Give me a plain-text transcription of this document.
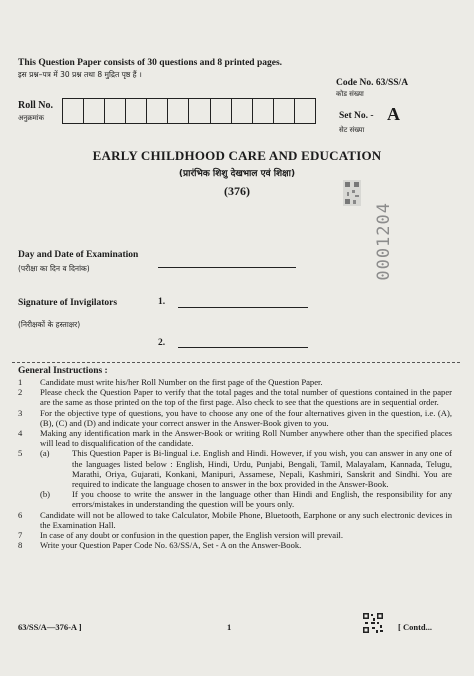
This Question Paper consists of 30 questions and 8 printed pages.
इस प्रश्न–पत्र में 30 प्रश्न तथा 8 मुद्रित पृष्ठ हैं ।
Code No. 63/SS/A
कोड संख्या
Roll No.
अनुक्रमांक	Set No. - A
सेट संख्या
EARLY CHILDHOOD CARE AND EDUCATION
(प्रारंभिक शिशु देखभाल एवं शिक्षा)
(376)
0001204
Day and Date of Examination
(परीक्षा का दिन व दिनांक)
Signature of Invigilators
(निरीक्षकों के हस्ताक्षर)
1.
2.
General Instructions :
1	Candidate must write his/her Roll Number on the first page of the Question Paper.
2	Please check the Question Paper to verify that the total pages and the total number of questions contained in the paper are the same as those printed on the top of the first page. Also check to see that the questions are in sequential order.
3	For the objective type of questions, you have to choose any one of the four alternatives given in the question, i.e. (A), (B), (C) and (D) and indicate your correct answer in the Answer-Book given to you.
4	Making any identification mark in the Answer-Book or writing Roll Number anywhere other than the specified places will lead to disqualification of the candidate.
5	(a)	This Question Paper is Bi-lingual i.e. English and Hindi. However, if you wish, you can answer in any one of the languages listed below : English, Hindi, Urdu, Punjabi, Bengali, Tamil, Malayalam, Kannada, Telugu, Marathi, Oriya, Gujarati, Konkani, Manipuri, Assamese, Nepali, Kashmiri, Sanskrit and Sindhi. You are required to indicate the language chosen to answer in the box provided in the Answer-Book.
(b)	If you choose to write the answer in the language other than Hindi and English, the responsibility for any errors/mistakes in understanding the question will be yours only.
6	Candidate will not be allowed to take Calculator, Mobile Phone, Bluetooth, Earphone or any such electronic devices in the Examination Hall.
7	In case of any doubt or confusion in the question paper, the English version will prevail.
8	Write your Question Paper Code No. 63/SS/A, Set - A on the Answer-Book.
63/SS/A—376-A ]	1	[ Contd...
